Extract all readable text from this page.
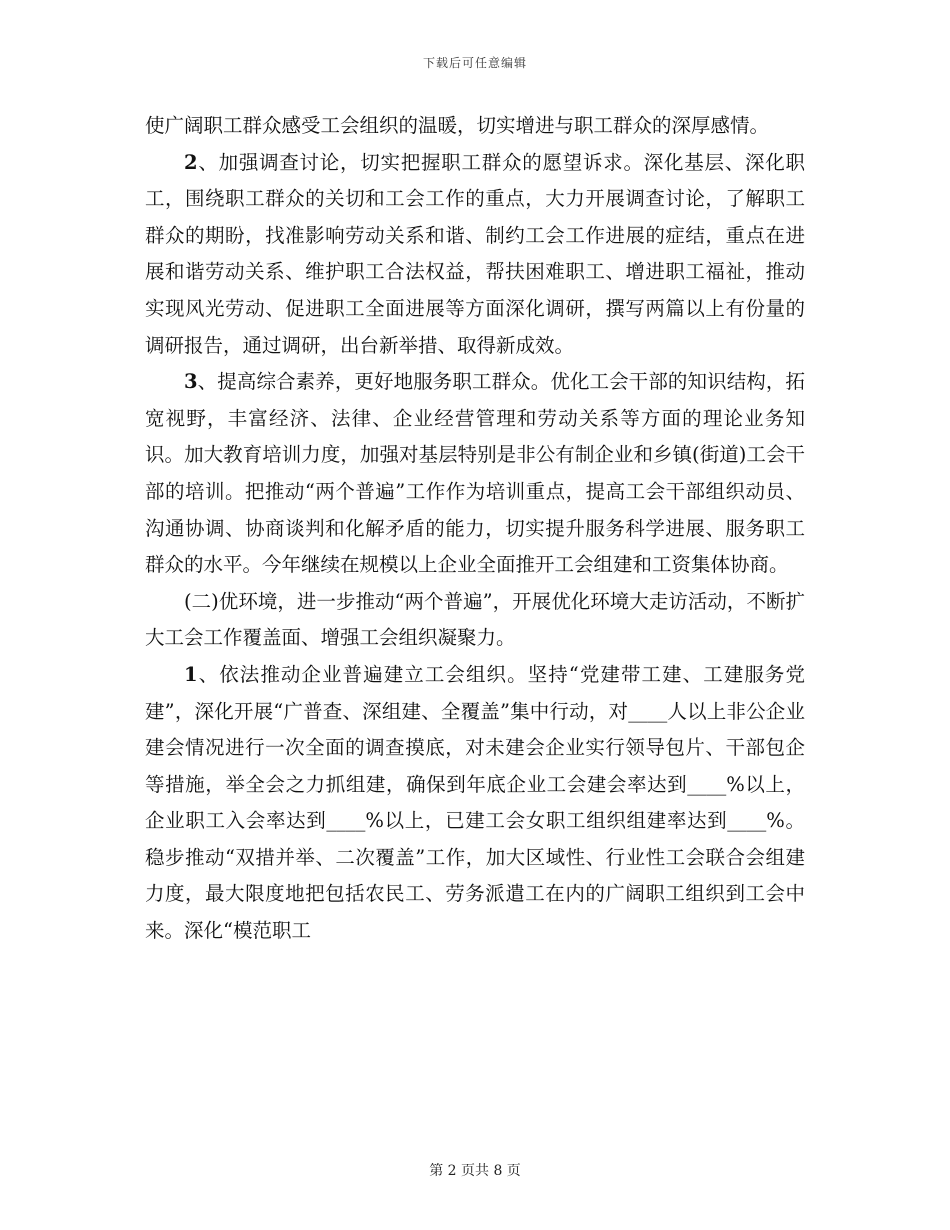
下载后可任意编辑

使广阔职工群众感受工会组织的温暖，切实增进与职工群众的深厚感情。

2、加强调查讨论，切实把握职工群众的愿望诉求。深化基层、深化职工，围绕职工群众的关切和工会工作的重点，大力开展调查讨论，了解职工群众的期盼，找准影响劳动关系和谐、制约工会工作进展的症结，重点在进展和谐劳动关系、维护职工合法权益，帮扶困难职工、增进职工福祉，推动实现风光劳动、促进职工全面进展等方面深化调研，撰写两篇以上有份量的调研报告，通过调研，出台新举措、取得新成效。

3、提高综合素养，更好地服务职工群众。优化工会干部的知识结构，拓宽视野，丰富经济、法律、企业经营管理和劳动关系等方面的理论业务知识。加大教育培训力度，加强对基层特别是非公有制企业和乡镇(街道)工会干部的培训。把推动“两个普遍”工作作为培训重点，提高工会干部组织动员、沟通协调、协商谈判和化解矛盾的能力，切实提升服务科学进展、服务职工群众的水平。今年继续在规模以上企业全面推开工会组建和工资集体协商。

(二)优环境，进一步推动“两个普遍”，开展优化环境大走访活动，不断扩大工会工作覆盖面、增强工会组织凝聚力。

1、依法推动企业普遍建立工会组织。坚持“党建带工建、工建服务党建”，深化开展“广普查、深组建、全覆盖”集中行动，对____人以上非公企业建会情况进行一次全面的调查摸底，对未建会企业实行领导包片、干部包企等措施，举全会之力抓组建，确保到年底企业工会建会率达到____%以上，企业职工入会率达到____%以上，已建工会女职工组织组建率达到____%。稳步推动“双措并举、二次覆盖”工作，加大区域性、行业性工会联合会组建力度，最大限度地把包括农民工、劳务派遣工在内的广阔职工组织到工会中来。深化“模范职工

第 2 页共 8 页
